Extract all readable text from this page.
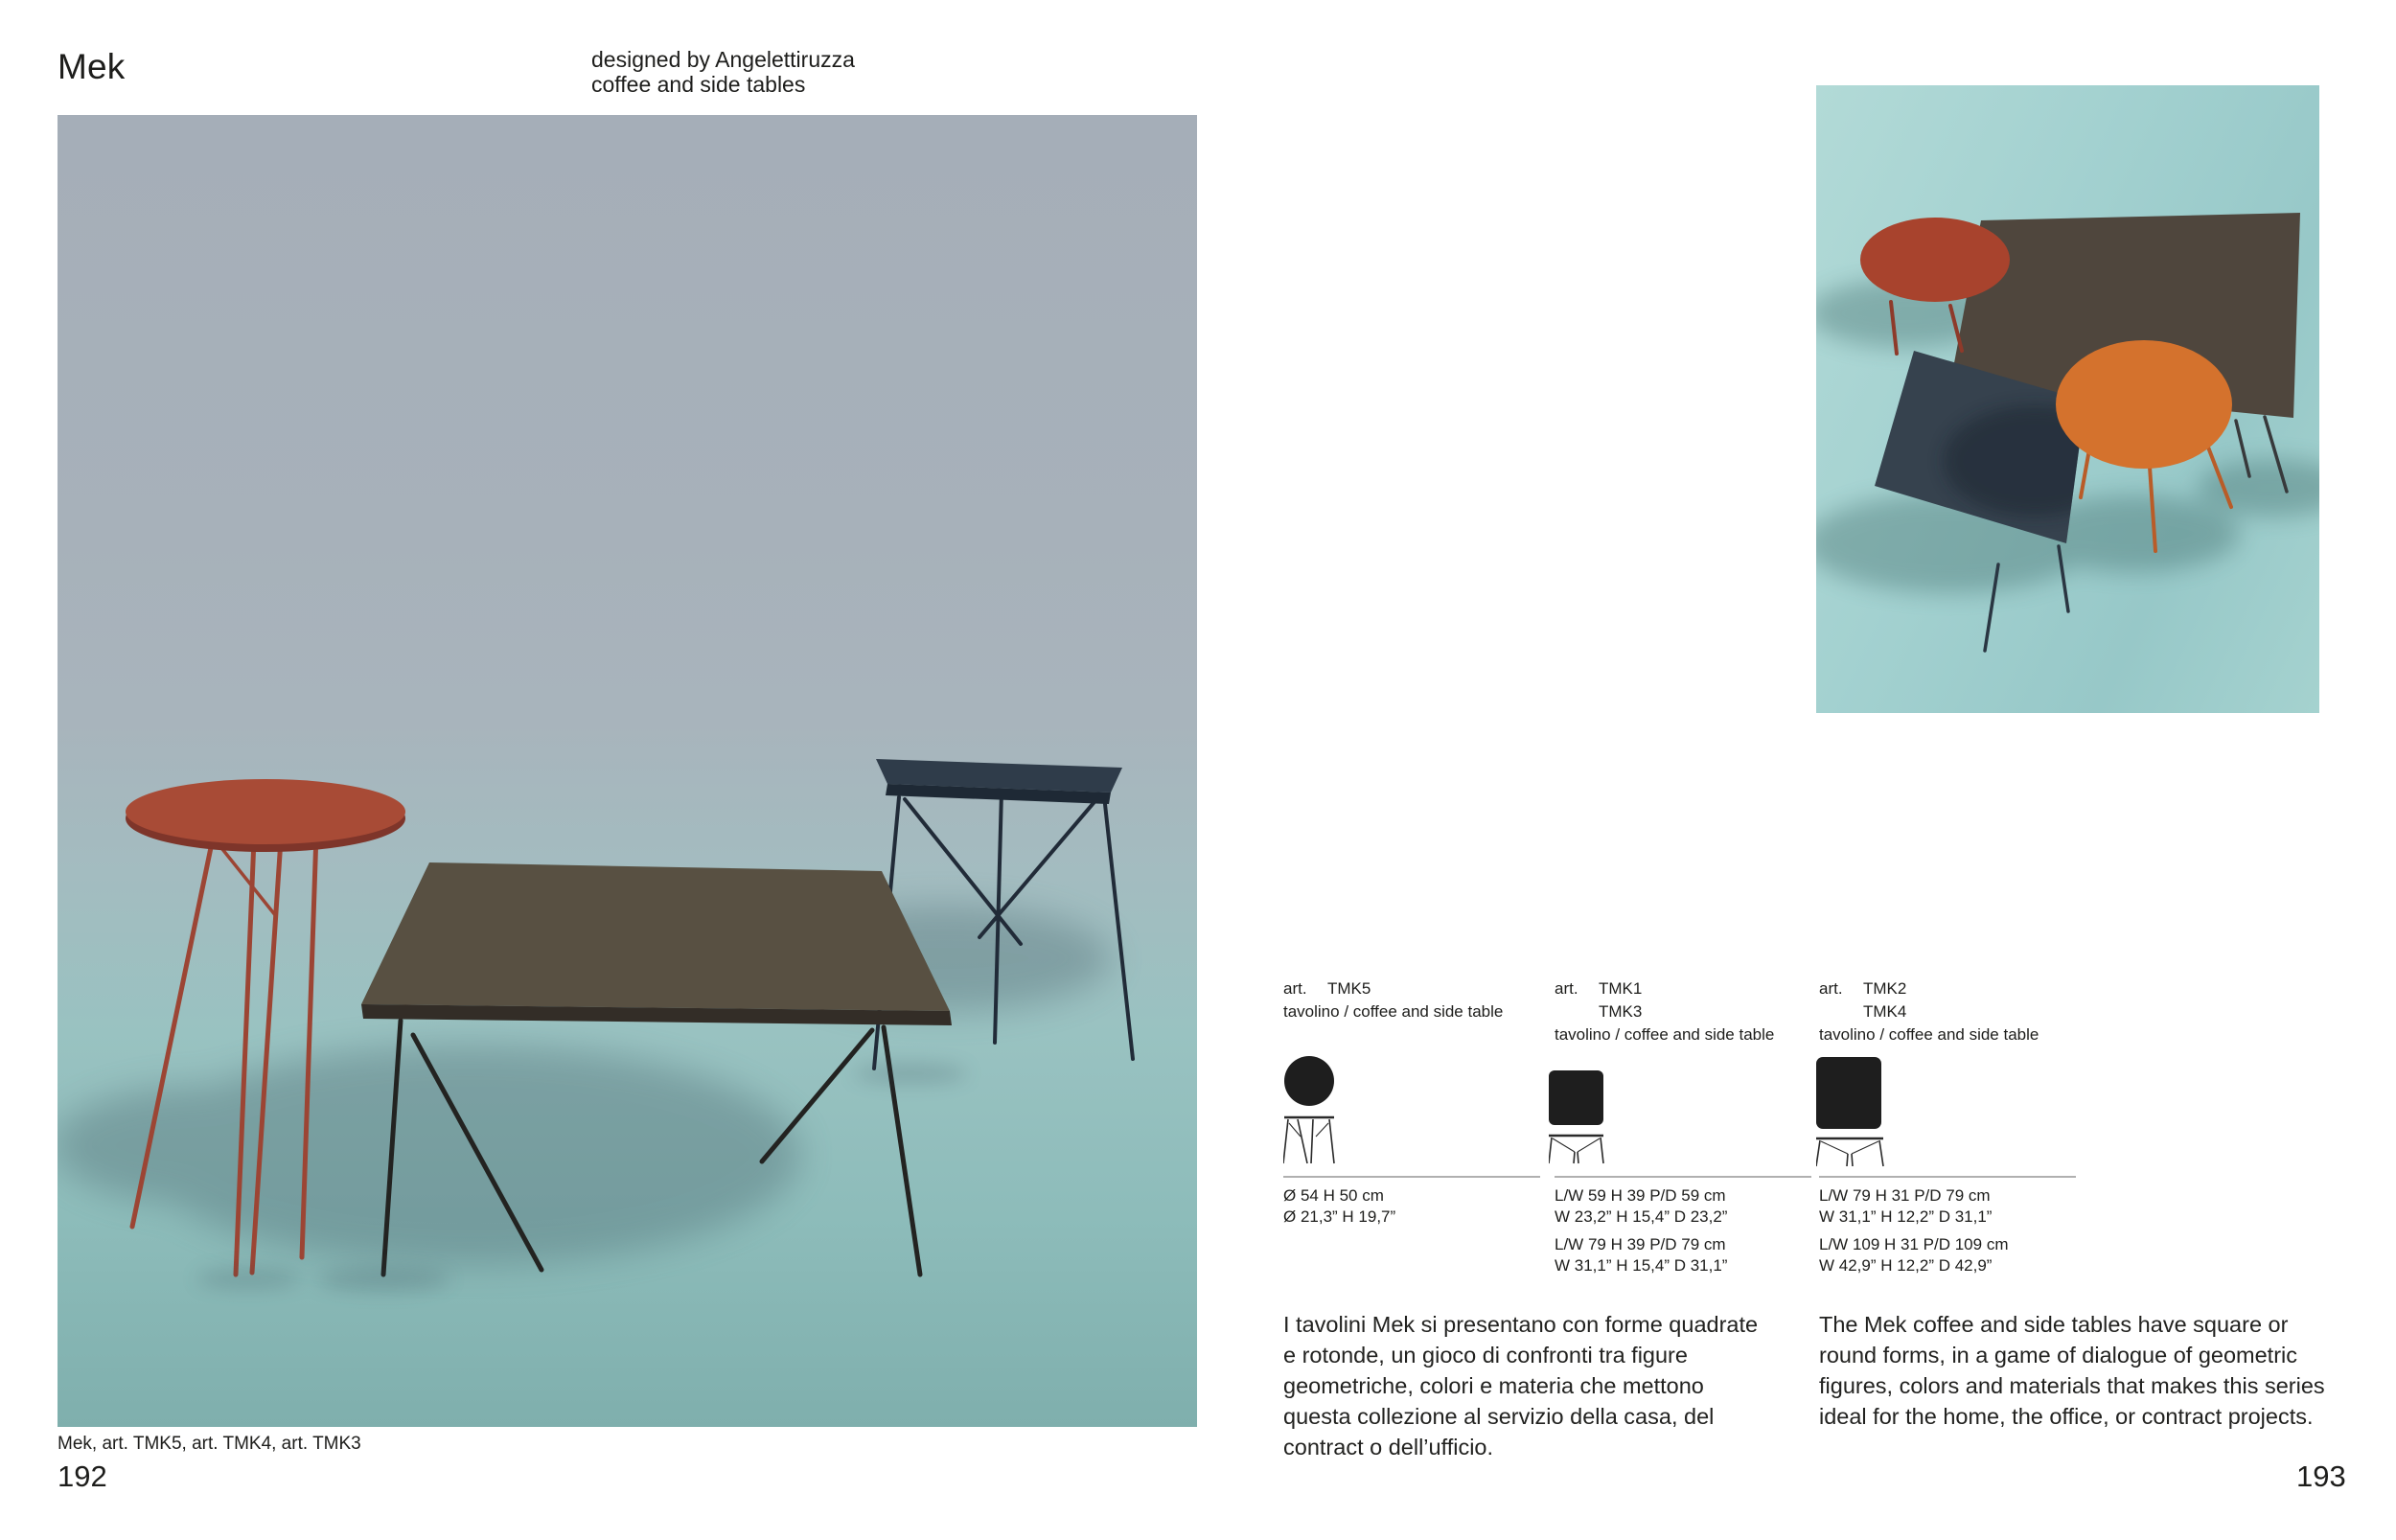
Mek	designed by Angelettiruzza
coffee and side tables
art.	TMK5
tavolino / coffee and side table

Ø 54 H 50 cm
Ø 21,3” H 19,7”

art.	TMK1
TMK3
tavolino / coffee and side table

L/W 59 H 39 P/D 59 cm
W 23,2” H 15,4” D 23,2”

L/W 79 H 39 P/D 79 cm
W 31,1” H 15,4” D 31,1”

art.	TMK2
TMK4
tavolino / coffee and side table

L/W 79 H 31 P/D 79 cm
W 31,1” H 12,2” D 31,1”

L/W 109 H 31 P/D 109 cm
W 42,9” H 12,2” D 42,9”

I tavolini Mek si presentano con forme quadrate e rotonde, un gioco di confronti tra figure geometriche, colori e materia che mettono questa collezione al servizio della casa, del contract o dell’ufficio.
The Mek coffee and side tables have square or round forms, in a game of dialogue of geometric figures, colors and materials that makes this series ideal for the home, the office, or contract projects.
Mek, art. TMK5, art. TMK4, art. TMK3
192	193
